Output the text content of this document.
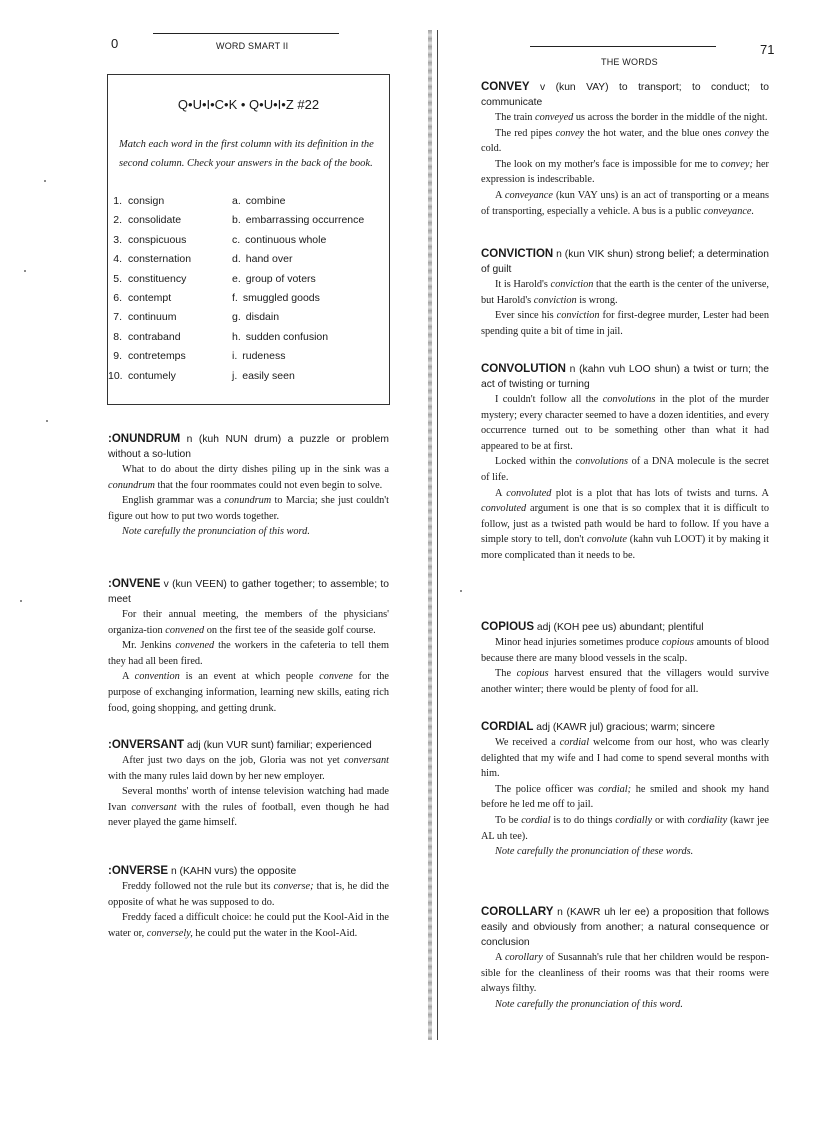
0	WORD SMART II
Q•U•I•C•K • Q•U•I•Z #22
Match each word in the first column with its definition in the second column. Check your answers in the back of the book.
1. consign	a. combine
2. consolidate	b. embarrassing occurrence
3. conspicuous	c. continuous whole
4. consternation	d. hand over
5. constituency	e. group of voters
6. contempt	f. smuggled goods
7. continuum	g. disdain
8. contraband	h. sudden confusion
9. contretemps	i. rudeness
10. contumely	j. easily seen

:ONUNDRUM n (kuh NUN drum) a puzzle or problem without a so-lution

What to do about the dirty dishes piling up in the sink was a conundrum that the four roommates could not even begin to solve.

English grammar was a conundrum to Marcia; she just couldn't figure out how to put two words together.

Note carefully the pronunciation of this word.

:ONVENE v (kun VEEN) to gather together; to assemble; to meet

For their annual meeting, the members of the physicians' organiza-tion convened on the first tee of the seaside golf course.

Mr. Jenkins convened the workers in the cafeteria to tell them they had all been fired.

A convention is an event at which people convene for the purpose of exchanging information, learning new skills, eating rich food, going shopping, and getting drunk.

:ONVERSANT adj (kun VUR sunt) familiar; experienced

After just two days on the job, Gloria was not yet conversant with the many rules laid down by her new employer.

Several months' worth of intense television watching had made Ivan conversant with the rules of football, even though he had never played the game himself.

:ONVERSE n (KAHN vurs) the opposite

Freddy followed not the rule but its converse; that is, he did the opposite of what he was supposed to do.

Freddy faced a difficult choice: he could put the Kool-Aid in the water or, conversely, he could put the water in the Kool-Aid.

71
THE WORDS

CONVEY v (kun VAY) to transport; to conduct; to communicate

The train conveyed us across the border in the middle of the night.

The red pipes convey the hot water, and the blue ones convey the cold.

The look on my mother's face is impossible for me to convey; her expression is indescribable.

A conveyance (kun VAY uns) is an act of transporting or a means of transporting, especially a vehicle. A bus is a public conveyance.

CONVICTION n (kun VIK shun) strong belief; a determination of guilt

It is Harold's conviction that the earth is the center of the universe, but Harold's conviction is wrong.

Ever since his conviction for first-degree murder, Lester had been spending quite a bit of time in jail.

CONVOLUTION n (kahn vuh LOO shun) a twist or turn; the act of twisting or turning

I couldn't follow all the convolutions in the plot of the murder mystery; every character seemed to have a dozen identities, and every occurrence turned out to be something other than what it had appeared to be at first.

Locked within the convolutions of a DNA molecule is the secret of life.

A convoluted plot is a plot that has lots of twists and turns. A convoluted argument is one that is so complex that it is difficult to follow, just as a twisted path would be hard to follow. If you have a simple story to tell, don't convolute (kahn vuh LOOT) it by making it more complicated than it needs to be.

COPIOUS adj (KOH pee us) abundant; plentiful

Minor head injuries sometimes produce copious amounts of blood because there are many blood vessels in the scalp.

The copious harvest ensured that the villagers would survive another winter; there would be plenty of food for all.

CORDIAL adj (KAWR jul) gracious; warm; sincere

We received a cordial welcome from our host, who was clearly delighted that my wife and I had come to spend several months with him.

The police officer was cordial; he smiled and shook my hand before he led me off to jail.

To be cordial is to do things cordially or with cordiality (kawr jee AL uh tee).

Note carefully the pronunciation of these words.

COROLLARY n (KAWR uh ler ee) a proposition that follows easily and obviously from another; a natural consequence or conclusion

A corollary of Susannah's rule that her children would be respon-sible for the cleanliness of their rooms was that their rooms were always filthy.

Note carefully the pronunciation of this word.
